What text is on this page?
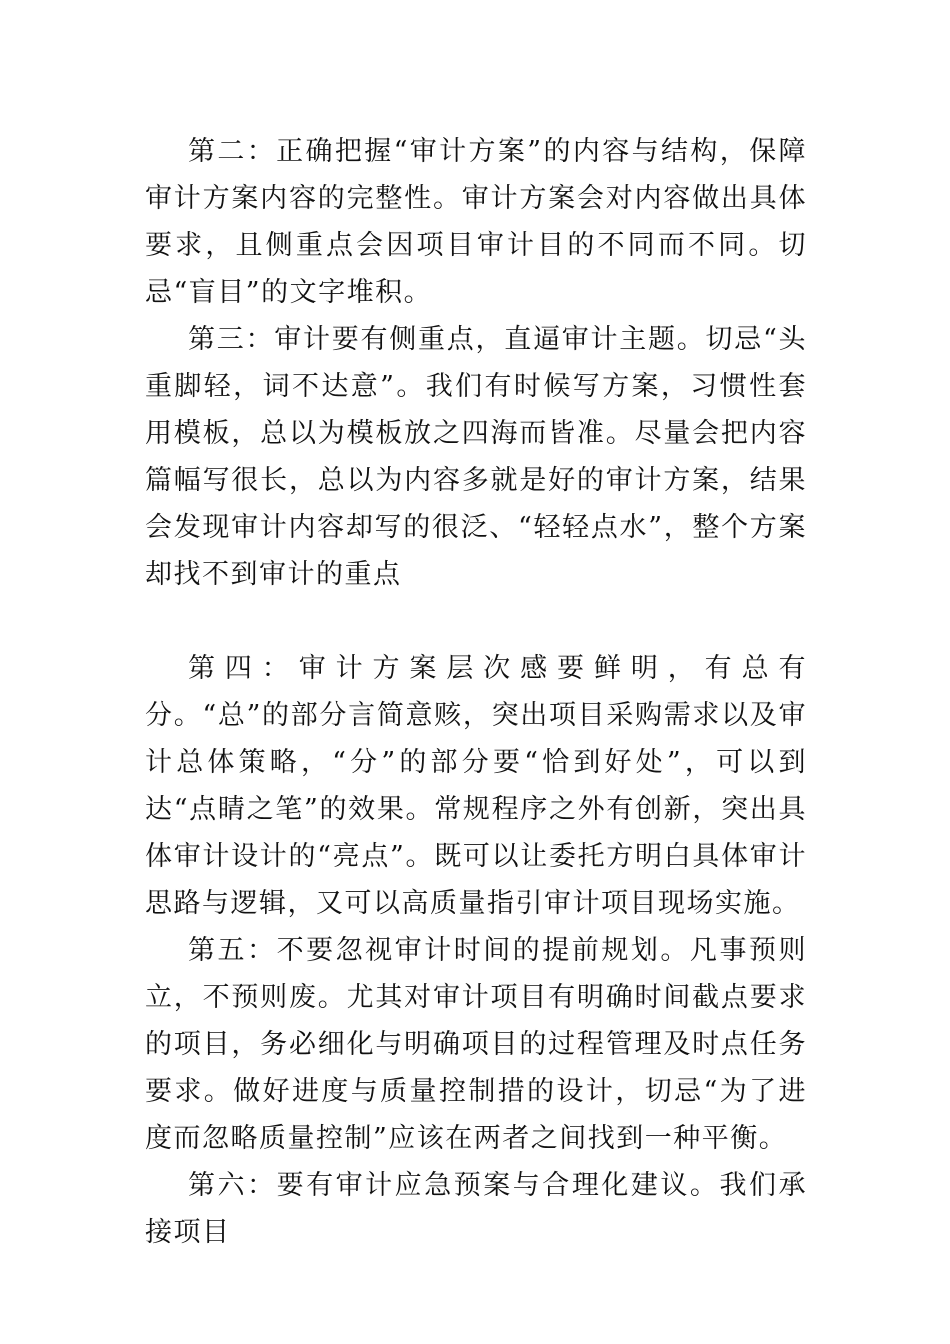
第二：正确把握“审计方案”的内容与结构，保障审计方案内容的完整性。审计方案会对内容做出具体要求，且侧重点会因项目审计目的不同而不同。切忌“盲目”的文字堆积。

第三：审计要有侧重点，直逼审计主题。切忌“头重脚轻，词不达意”。我们有时候写方案，习惯性套用模板，总以为模板放之四海而皆准。尽量会把内容篇幅写很长，总以为内容多就是好的审计方案，结果会发现审计内容却写的很泛、“轻轻点水”，整个方案却找不到审计的重点

第四：审计方案层次感要鲜明，有总有分。“总”的部分言简意赅，突出项目采购需求以及审计总体策略，“分”的部分要“恰到好处”，可以到达“点睛之笔”的效果。常规程序之外有创新，突出具体审计设计的“亮点”。既可以让委托方明白具体审计思路与逻辑，又可以高质量指引审计项目现场实施。

第五：不要忽视审计时间的提前规划。凡事预则立，不预则废。尤其对审计项目有明确时间截点要求的项目，务必细化与明确项目的过程管理及时点任务要求。做好进度与质量控制措的设计，切忌“为了进度而忽略质量控制”应该在两者之间找到一种平衡。

第六：要有审计应急预案与合理化建议。我们承接项目
